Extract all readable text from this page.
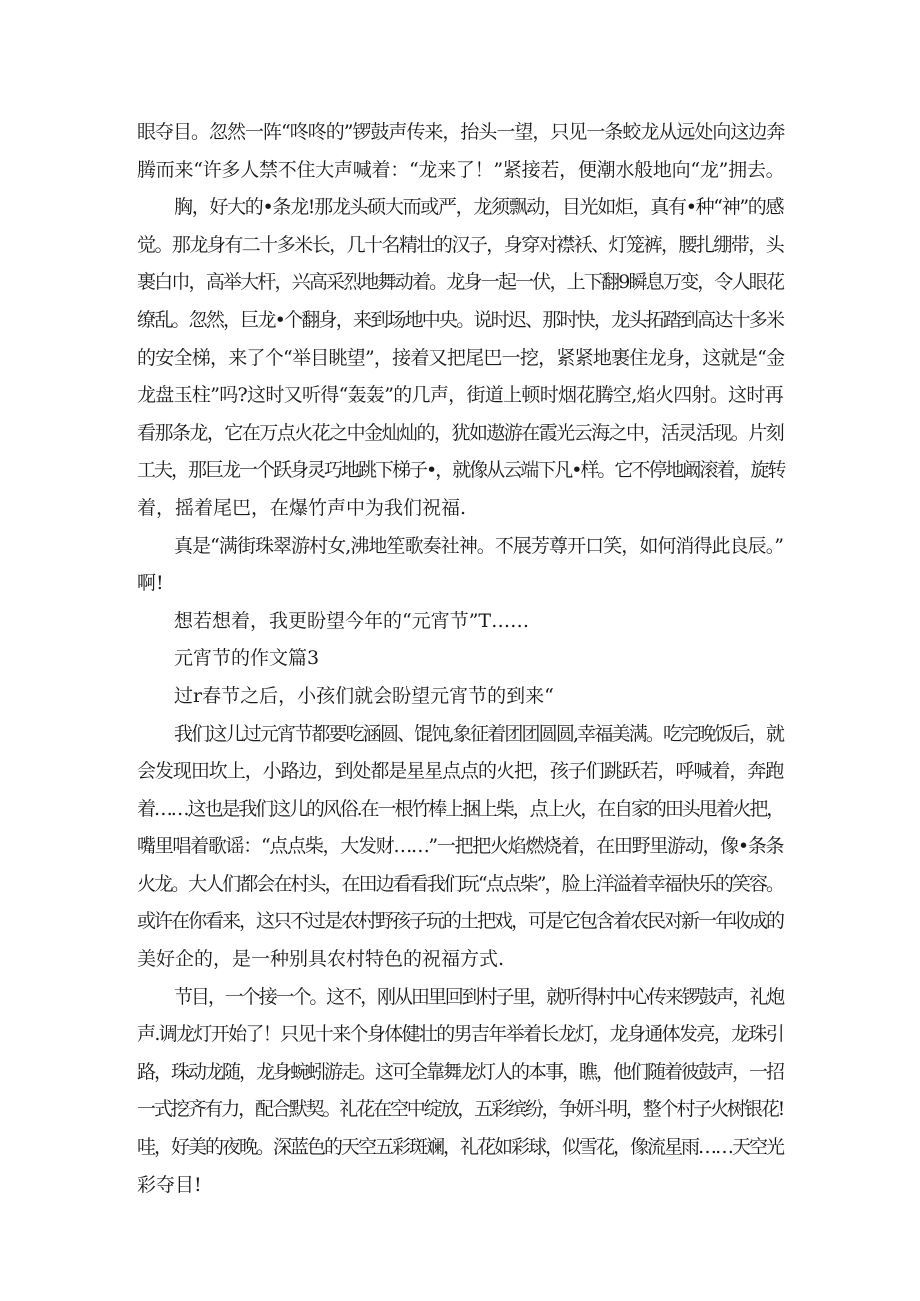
眼夺目。忽然一阵“咚咚的”锣鼓声传来，抬头一望，只见一条蛟龙从远处向这边奔
腾而来“许多人禁不住大声喊着：“龙来了！”紧接若，便潮水般地向“龙”拥去。
胸，好大的•条龙!那龙头硕大而或严，龙须飘动，目光如炬，真有•种“神”的感
觉。那龙身有二十多米长，几十名精壮的汉子，身穿对襟袄、灯笼裤，腰扎绷带，头
裹白巾，高举大杆，兴高采烈地舞动着。龙身一起一伏，上下翻9瞬息万变，令人眼花
缭乱。忽然，巨龙•个翻身，来到场地中央。说时迟、那时快，龙头拓踏到高达十多米
的安全梯，来了个“举目眺望”，接着又把尾巴一挖，紧紧地裹住龙身，这就是“金
龙盘玉柱”吗?这时又听得“轰轰”的几声，街道上顿时烟花腾空,焰火四射。这时再
看那条龙，它在万点火花之中金灿灿的，犹如遨游在霞光云海之中，活灵活现。片刻
工夫，那巨龙一个跃身灵巧地跳下梯子•，就像从云端下凡•样。它不停地阚滚着，旋转
着，摇着尾巴，在爆竹声中为我们祝福.
真是“满街珠翠游村女,沸地笙歌奏社神。不展芳尊开口笑，如何消得此良辰。”
啊!
想若想着，我更盼望今年的“元宵节”T……
元宵节的作文篇3
过r春节之后，小孩们就会盼望元宵节的到来“
我们这儿过元宵节都要吃涵圆、馄饨,象征着团团圆圆,幸福美满。吃完晚饭后，就
会发现田坎上，小路边，到处都是星星点点的火把，孩子们跳跃若，呼喊着，奔跑
着……这也是我们这儿的风俗.在一根竹棒上捆上柴，点上火，在自家的田头甩着火把，
嘴里唱着歌谣：“点点柴，大发财……”一把把火焰燃烧着，在田野里游动，像•条条
火龙。大人们都会在村头，在田边看看我们玩“点点柴”，脸上洋溢着幸福快乐的笑容。
或许在你看来，这只不过是农村野孩子玩的土把戏，可是它包含着农民对新一年收成的
美好企的，是一种别具农村特色的祝福方式.
节目，一个接一个。这不，刚从田里回到村子里，就听得村中心传来锣鼓声，礼炮
声.调龙灯开始了！只见十来个身体健壮的男吉年举着长龙灯，龙身通体发亮，龙珠引
路，珠动龙随，龙身蜿蚓游走。这可全靠舞龙灯人的本事，瞧，他们随着彼鼓声，一招
一式挖齐有力，配合默契。礼花在空中绽放，五彩缤纷，争妍斗明，整个村子火树银花!
哇，好美的夜晚。深蓝色的天空五彩斑斓，礼花如彩球，似雪花，像流星雨……天空光
彩夺目!
